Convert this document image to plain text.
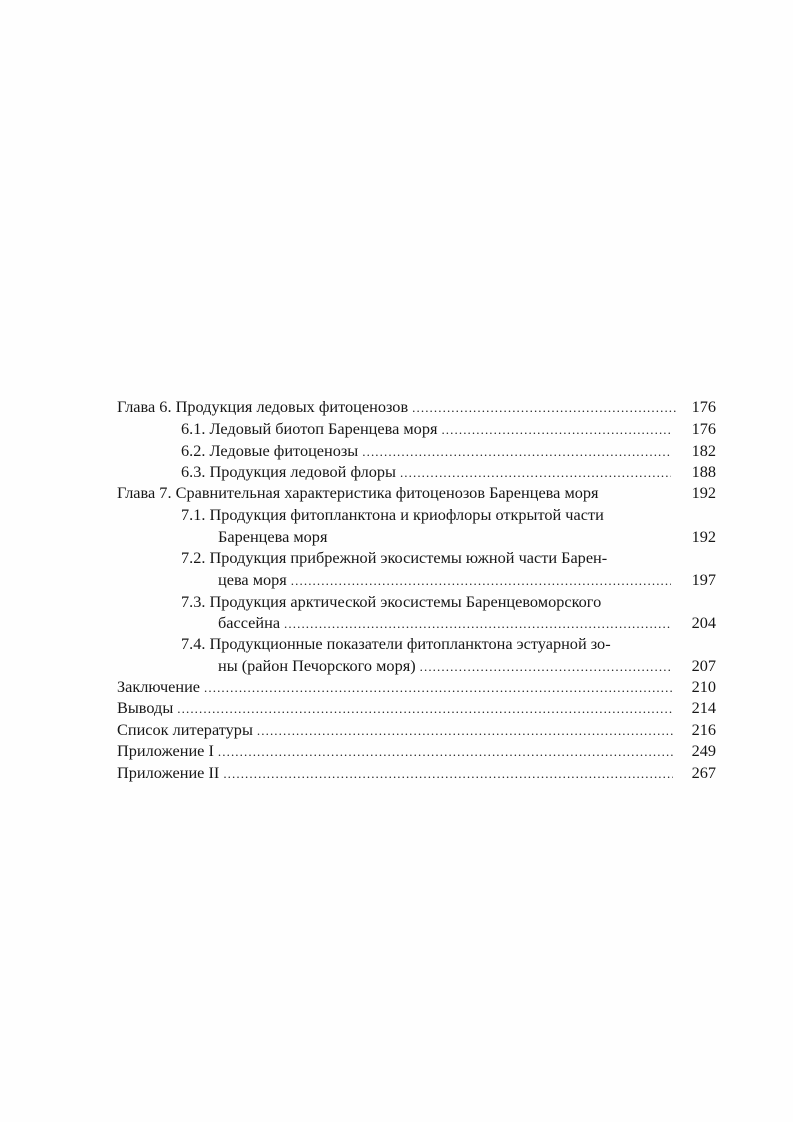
Глава 6. Продукция ледовых фитоценозов .....	176
6.1. Ледовый биотоп Баренцева моря .....	176
6.2. Ледовые фитоценозы .....	182
6.3. Продукция ледовой флоры .....	188
Глава 7. Сравнительная характеристика фитоценозов Баренцева моря	192
7.1. Продукция фитопланктона и криофлоры открытой части
Баренцева моря	192
7.2. Продукция прибрежной экосистемы южной части Барен-
цева моря .....	197
7.3. Продукция арктической экосистемы Баренцевоморского
бассейна .....	204
7.4. Продукционные показатели фитопланктона эстуарной зо-
ны (район Печорского моря) .....	207
Заключение .....	210
Выводы .....	214
Список литературы .....	216
Приложение I .....	249
Приложение II .....	267
